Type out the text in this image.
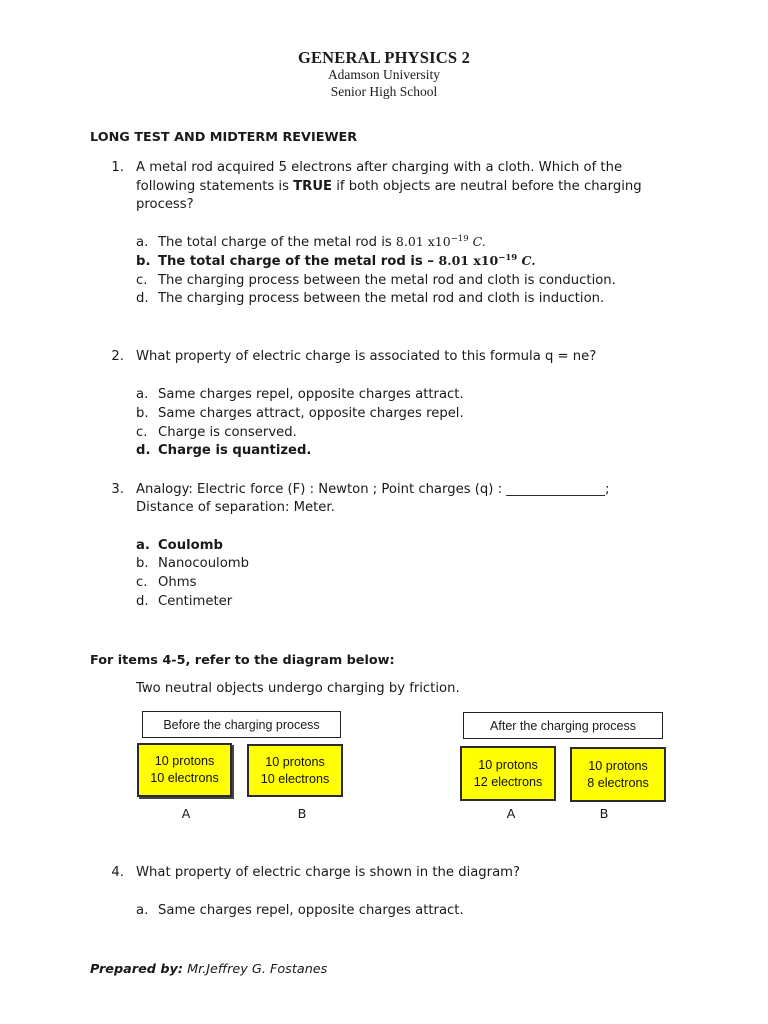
GENERAL PHYSICS 2
Adamson University
Senior High School
LONG TEST AND MIDTERM REVIEWER
1. A metal rod acquired 5 electrons after charging with a cloth. Which of the
following statements is TRUE if both objects are neutral before the charging
process?
a. The total charge of the metal rod is 8.01 $x10^{-19}$ C.
b. The total charge of the metal rod is – 8.01 $x10^{-19}$ C.
c. The charging process between the metal rod and cloth is conduction.
d. The charging process between the metal rod and cloth is induction.
2. What property of electric charge is associated to this formula q = ne?
a. Same charges repel, opposite charges attract.
b. Same charges attract, opposite charges repel.
c. Charge is conserved.
d. Charge is quantized.
3. Analogy: Electric force (F) : Newton ; Point charges (q) : _______________;
Distance of separation: Meter.
a. Coulomb
b. Nanocoulomb
c. Ohms
d. Centimeter
For items 4-5, refer to the diagram below:
Two neutral objects undergo charging by friction.
Before the charging process
10 protons
10 electrons
10 protons
10 electrons
A	B
After the charging process
10 protons
12 electrons
10 protons
8 electrons
A	B
4. What property of electric charge is shown in the diagram?
a. Same charges repel, opposite charges attract.
Prepared by: Mr.Jeffrey G. Fostanes
